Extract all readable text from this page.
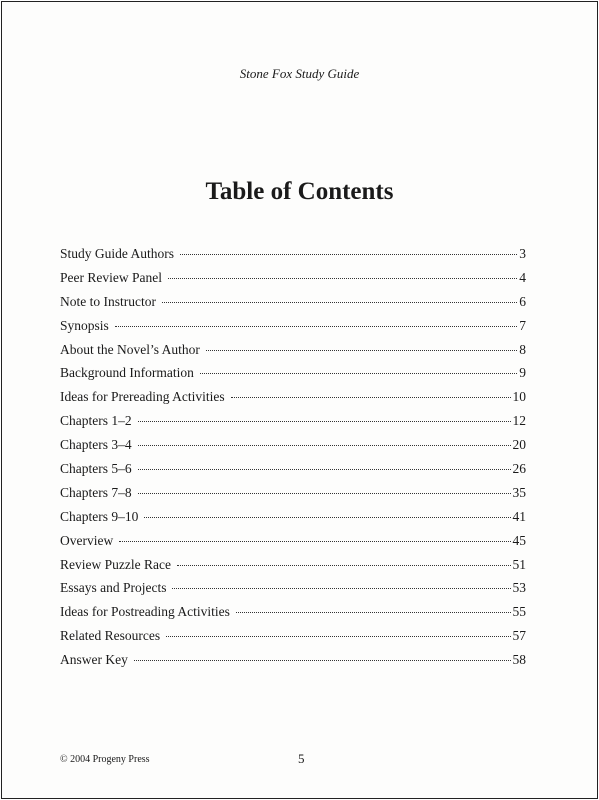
Stone Fox Study Guide
Table of Contents
Study Guide Authors	3
Peer Review Panel	4
Note to Instructor	6
Synopsis	7
About the Novel’s Author	8
Background Information	9
Ideas for Prereading Activities	10
Chapters 1–2	12
Chapters 3–4	20
Chapters 5–6	26
Chapters 7–8	35
Chapters 9–10	41
Overview	45
Review Puzzle Race	51
Essays and Projects	53
Ideas for Postreading Activities	55
Related Resources	57
Answer Key	58
© 2004 Progeny Press	5
